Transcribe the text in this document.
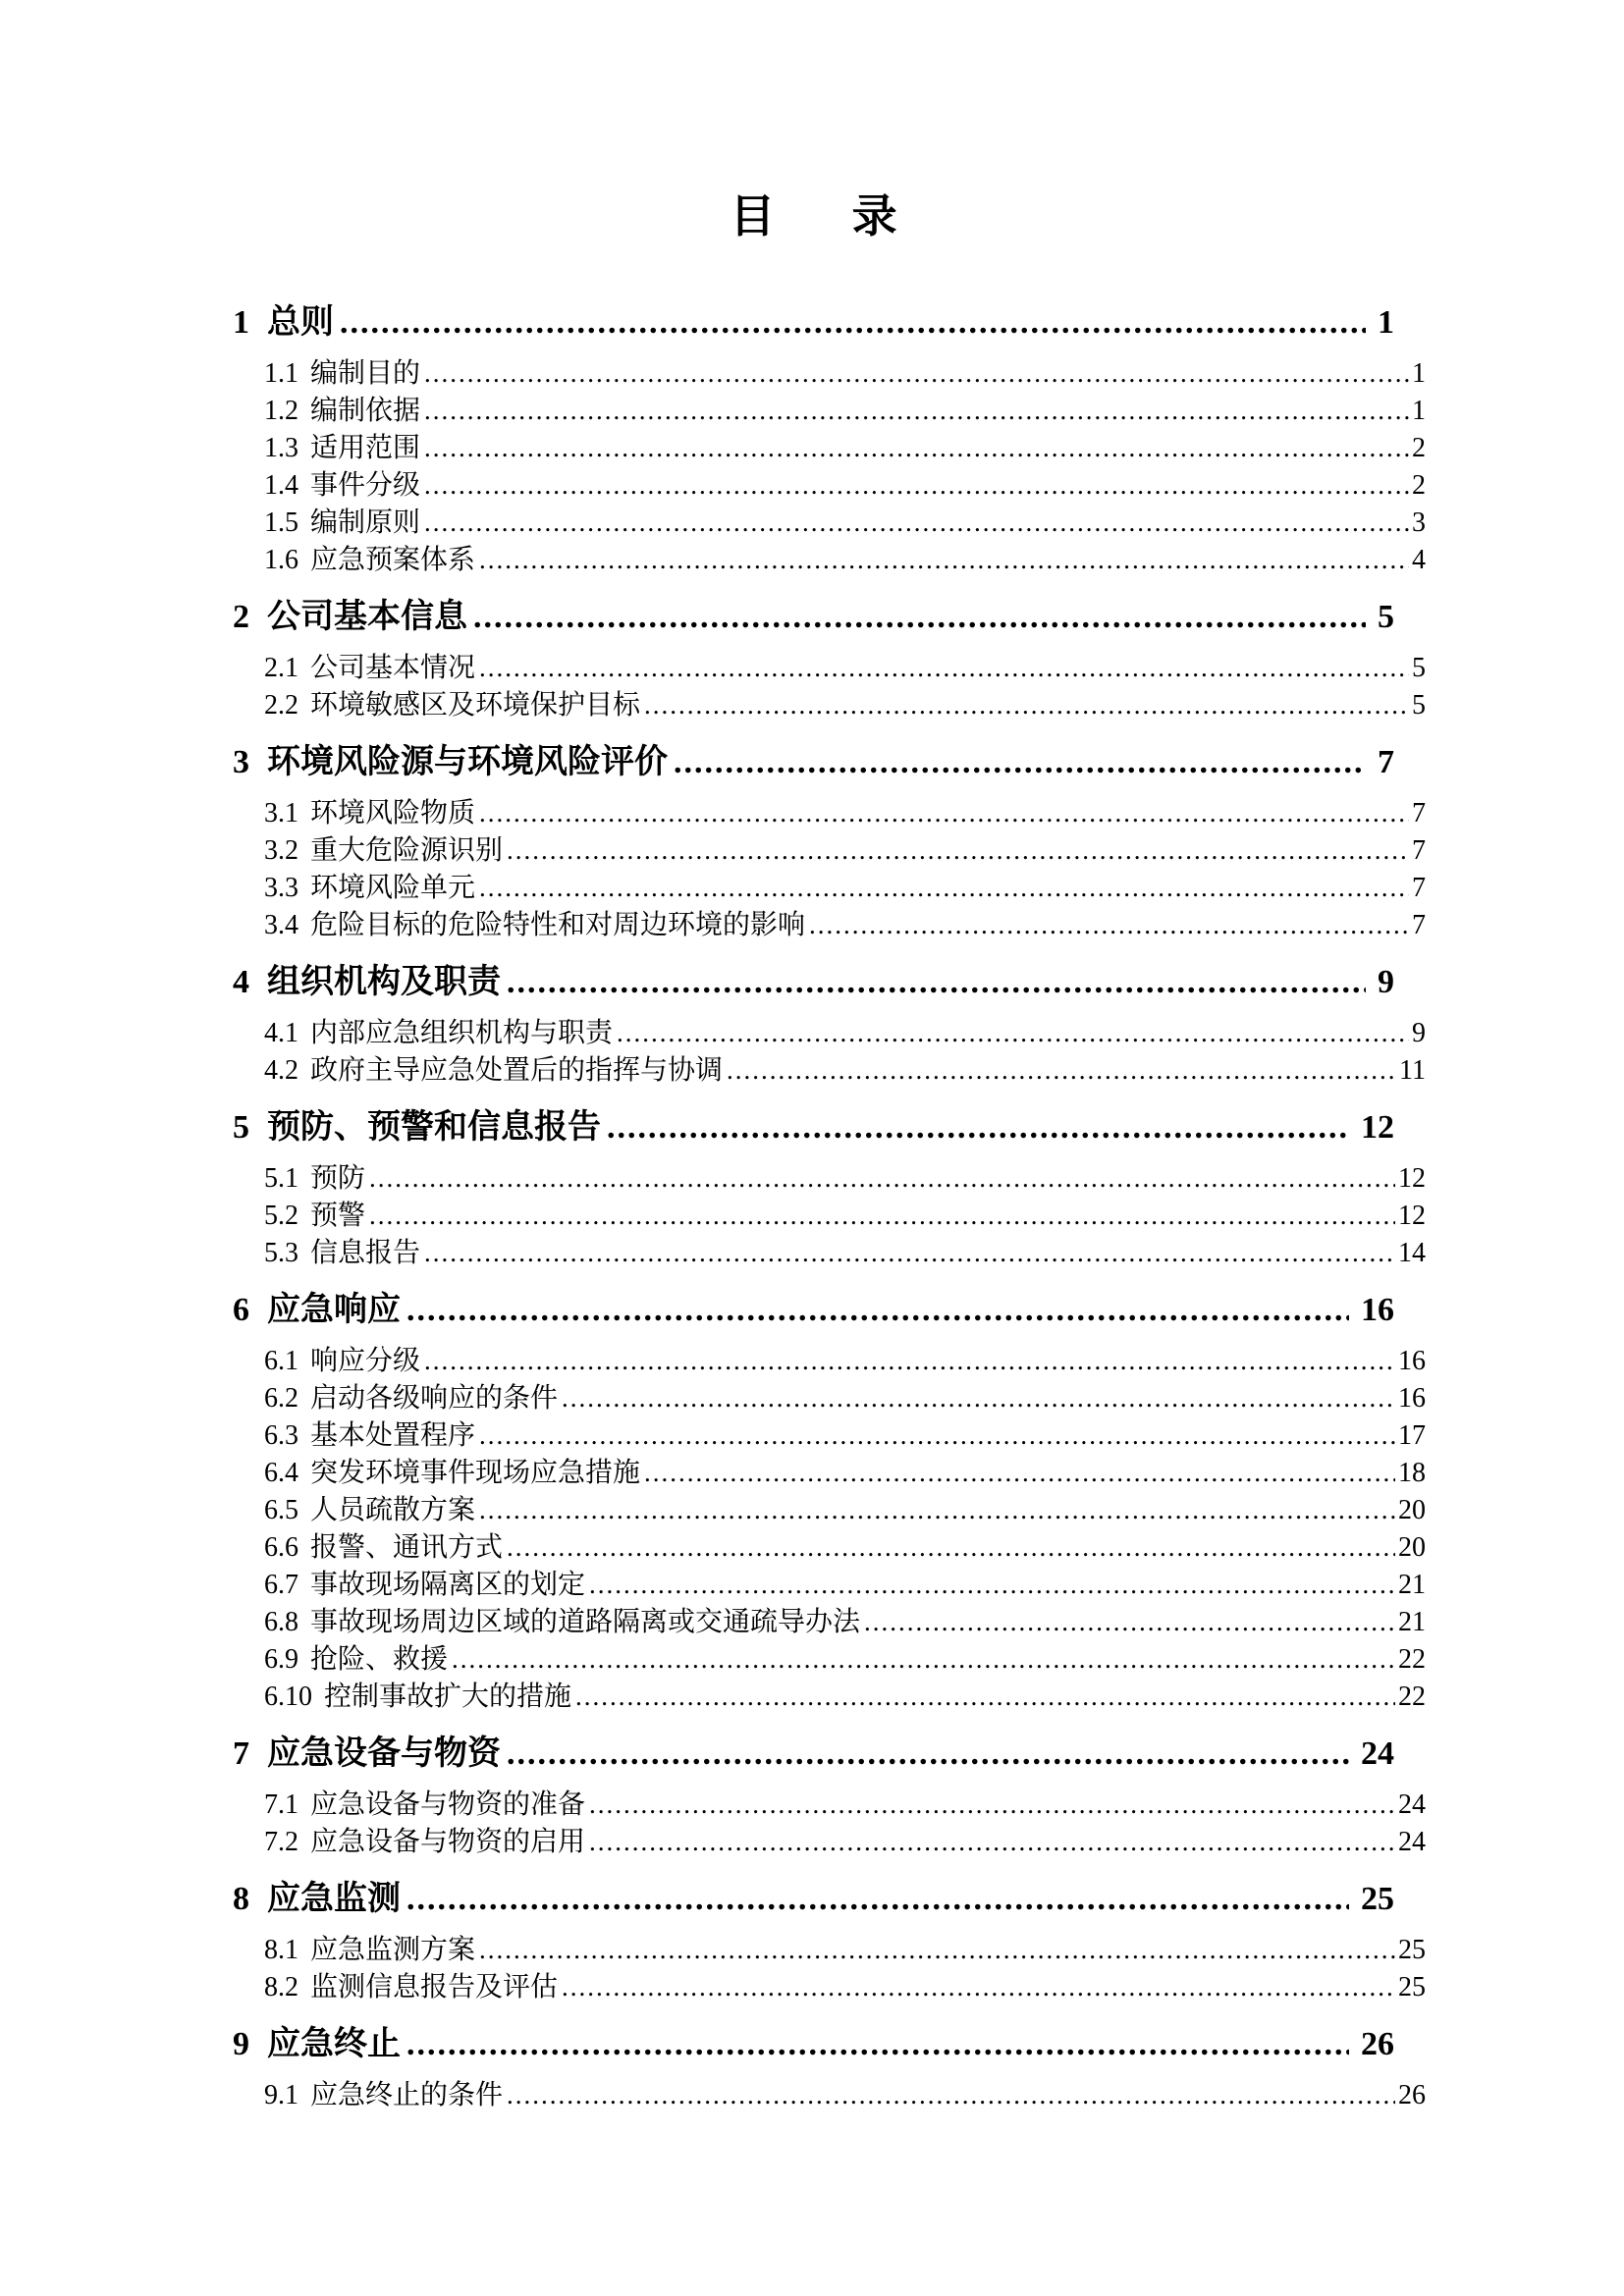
目　录
1 总则 .....	1
1.1 编制目的 .....	1
1.2 编制依据 .....	1
1.3 适用范围 .....	2
1.4 事件分级 .....	2
1.5 编制原则 .....	3
1.6 应急预案体系 .....	4
2 公司基本信息 .....	5
2.1 公司基本情况 .....	5
2.2 环境敏感区及环境保护目标 .....	5
3 环境风险源与环境风险评价 .....	7
3.1 环境风险物质 .....	7
3.2 重大危险源识别 .....	7
3.3 环境风险单元 .....	7
3.4 危险目标的危险特性和对周边环境的影响 .....	7
4 组织机构及职责 .....	9
4.1 内部应急组织机构与职责 .....	9
4.2 政府主导应急处置后的指挥与协调 .....	11
5 预防、预警和信息报告 .....	12
5.1 预防 .....	12
5.2 预警 .....	12
5.3 信息报告 .....	14
6 应急响应 .....	16
6.1 响应分级 .....	16
6.2 启动各级响应的条件 .....	16
6.3 基本处置程序 .....	17
6.4 突发环境事件现场应急措施 .....	18
6.5 人员疏散方案 .....	20
6.6 报警、通讯方式 .....	20
6.7 事故现场隔离区的划定 .....	21
6.8 事故现场周边区域的道路隔离或交通疏导办法 .....	21
6.9 抢险、救援 .....	22
6.10 控制事故扩大的措施 .....	22
7 应急设备与物资 .....	24
7.1 应急设备与物资的准备 .....	24
7.2 应急设备与物资的启用 .....	24
8 应急监测 .....	25
8.1 应急监测方案 .....	25
8.2 监测信息报告及评估 .....	25
9 应急终止 .....	26
9.1 应急终止的条件 .....	26
